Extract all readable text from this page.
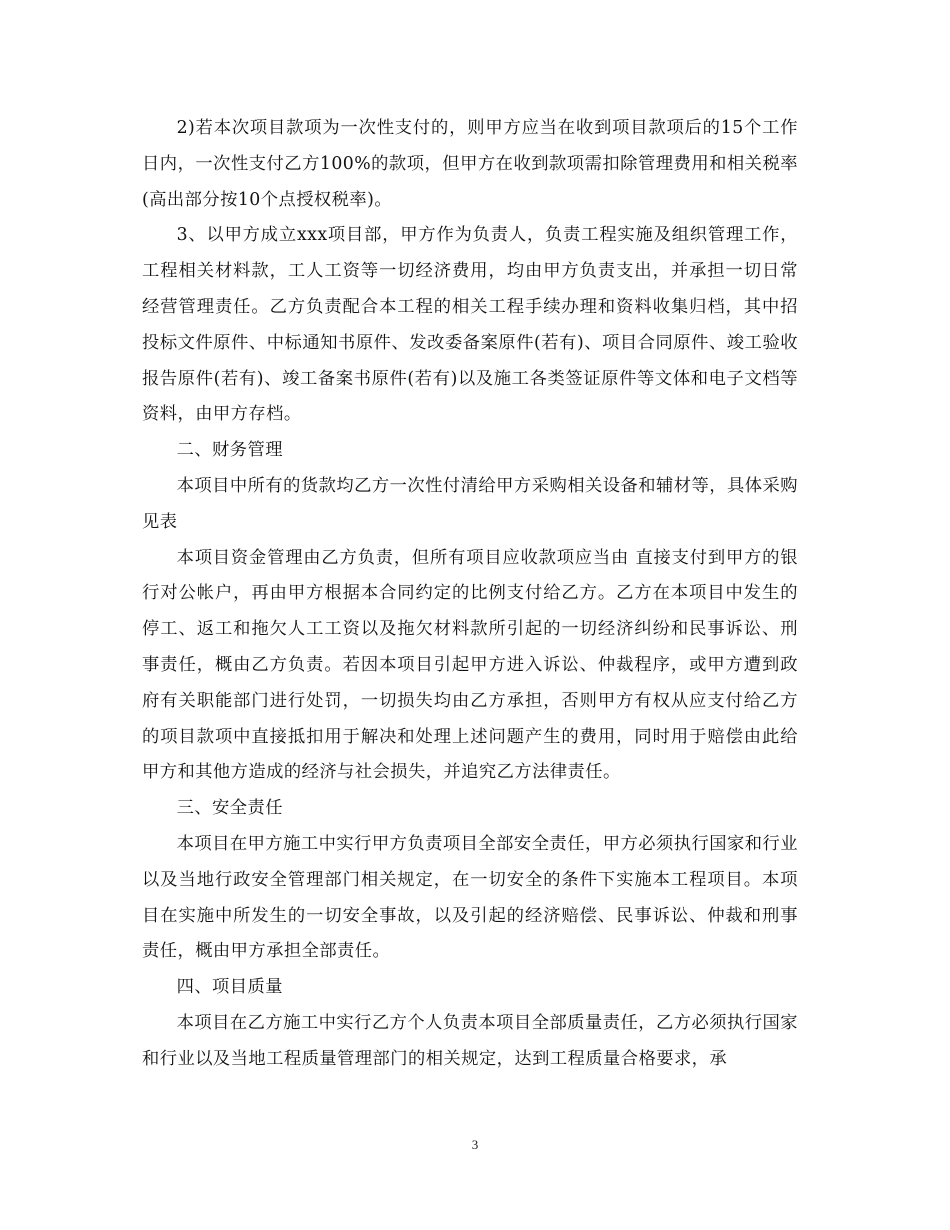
2)若本次项目款项为一次性支付的，则甲方应当在收到项目款项后的15个工作日内，一次性支付乙方100%的款项，但甲方在收到款项需扣除管理费用和相关税率(高出部分按10个点授权税率)。

3、以甲方成立xxx项目部，甲方作为负责人，负责工程实施及组织管理工作，工程相关材料款，工人工资等一切经济费用，均由甲方负责支出，并承担一切日常经营管理责任。乙方负责配合本工程的相关工程手续办理和资料收集归档，其中招投标文件原件、中标通知书原件、发改委备案原件(若有)、项目合同原件、竣工验收报告原件(若有)、竣工备案书原件(若有)以及施工各类签证原件等文体和电子文档等资料，由甲方存档。

二、财务管理

本项目中所有的货款均乙方一次性付清给甲方采购相关设备和辅材等，具体采购见表

本项目资金管理由乙方负责，但所有项目应收款项应当由 直接支付到甲方的银行对公帐户，再由甲方根据本合同约定的比例支付给乙方。乙方在本项目中发生的停工、返工和拖欠人工工资以及拖欠材料款所引起的一切经济纠纷和民事诉讼、刑事责任，概由乙方负责。若因本项目引起甲方进入诉讼、仲裁程序，或甲方遭到政府有关职能部门进行处罚，一切损失均由乙方承担，否则甲方有权从应支付给乙方的项目款项中直接抵扣用于解决和处理上述问题产生的费用，同时用于赔偿由此给甲方和其他方造成的经济与社会损失，并追究乙方法律责任。

三、安全责任

本项目在甲方施工中实行甲方负责项目全部安全责任，甲方必须执行国家和行业以及当地行政安全管理部门相关规定，在一切安全的条件下实施本工程项目。本项目在实施中所发生的一切安全事故，以及引起的经济赔偿、民事诉讼、仲裁和刑事责任，概由甲方承担全部责任。

四、项目质量

本项目在乙方施工中实行乙方个人负责本项目全部质量责任，乙方必须执行国家和行业以及当地工程质量管理部门的相关规定，达到工程质量合格要求，承

3
